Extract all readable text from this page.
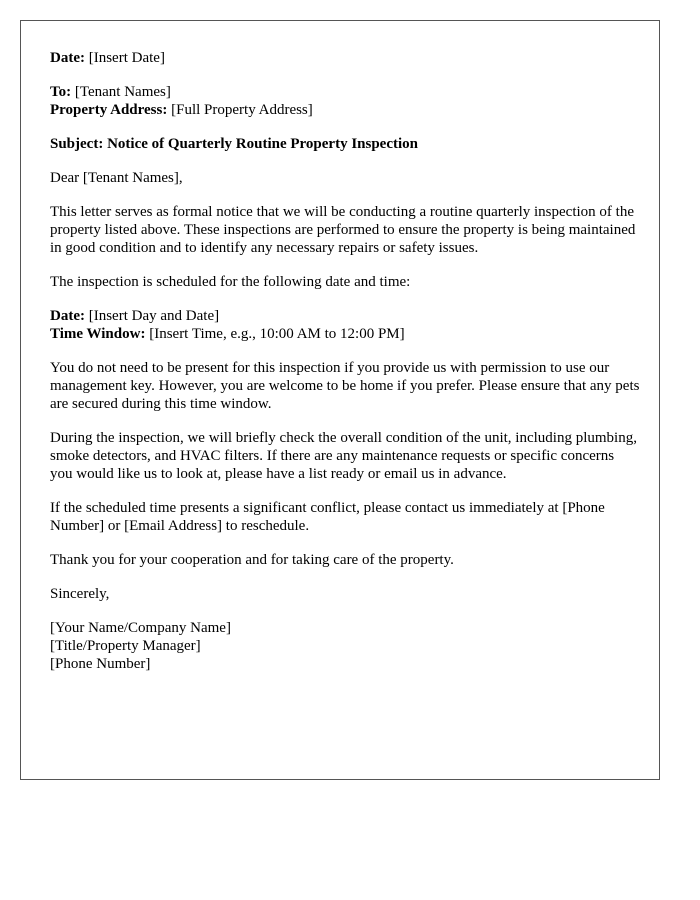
Date: [Insert Date]

To: [Tenant Names]
Property Address: [Full Property Address]

Subject: Notice of Quarterly Routine Property Inspection

Dear [Tenant Names],

This letter serves as formal notice that we will be conducting a routine quarterly inspection of the property listed above. These inspections are performed to ensure the property is being maintained in good condition and to identify any necessary repairs or safety issues.

The inspection is scheduled for the following date and time:

Date: [Insert Day and Date]
Time Window: [Insert Time, e.g., 10:00 AM to 12:00 PM]

You do not need to be present for this inspection if you provide us with permission to use our management key. However, you are welcome to be home if you prefer. Please ensure that any pets are secured during this time window.

During the inspection, we will briefly check the overall condition of the unit, including plumbing, smoke detectors, and HVAC filters. If there are any maintenance requests or specific concerns you would like us to look at, please have a list ready or email us in advance.

If the scheduled time presents a significant conflict, please contact us immediately at [Phone Number] or [Email Address] to reschedule.

Thank you for your cooperation and for taking care of the property.

Sincerely,

[Your Name/Company Name]
[Title/Property Manager]
[Phone Number]
